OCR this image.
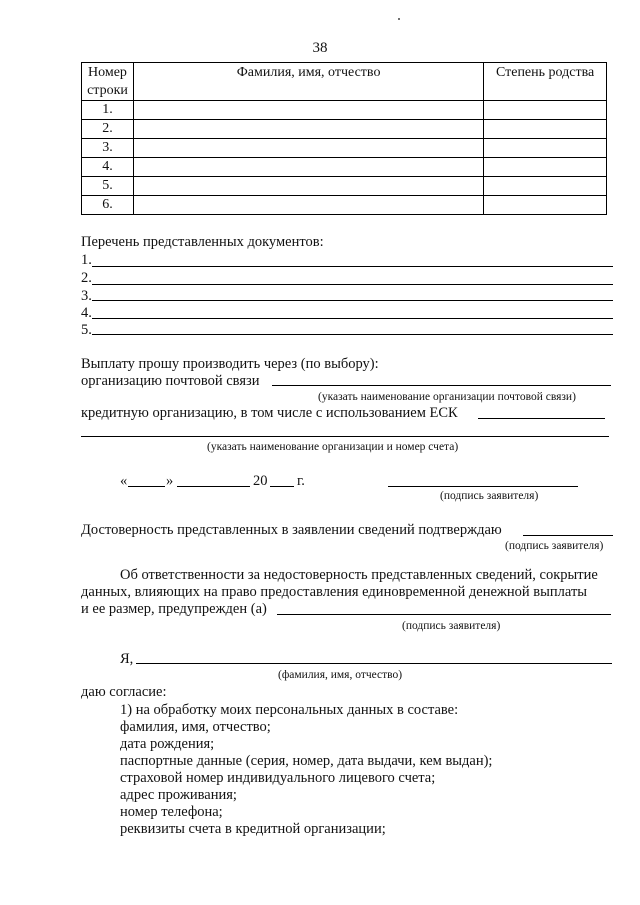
38
Номер
строки	Фамилия, имя, отчество	Степень родства
1.		
2.		
3.		
4.		
5.		
6.		
Перечень представленных документов:
1.
2.
3.
4.
5.
Выплату прошу производить через (по выбору):
организацию почтовой связи
(указать наименование организации почтовой связи)
кредитную организацию, в том числе с использованием ЕСК
(указать наименование организации и номер счета)
«	»	20 г.
(подпись заявителя)
Достоверность представленных в заявлении сведений подтверждаю
(подпись заявителя)
Об ответственности за недостоверность представленных сведений, сокрытие
данных, влияющих на право предоставления единовременной денежной выплаты
и ее размер, предупрежден (а)
(подпись заявителя)
Я,
(фамилия, имя, отчество)
даю согласие:
1) на обработку моих персональных данных в составе:
фамилия, имя, отчество;
дата рождения;
паспортные данные (серия, номер, дата выдачи, кем выдан);
страховой номер индивидуального лицевого счета;
адрес проживания;
номер телефона;
реквизиты счета в кредитной организации;
